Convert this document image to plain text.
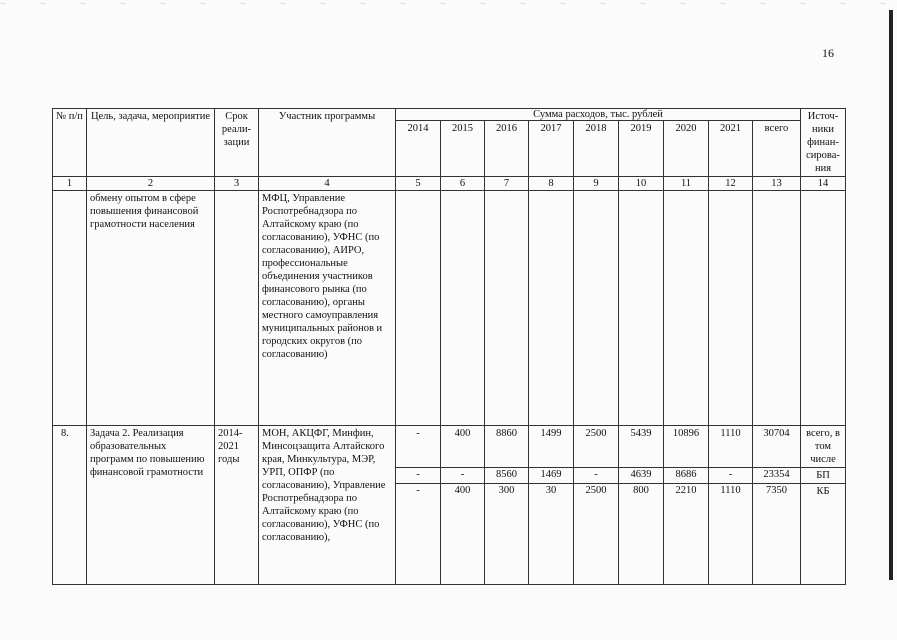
16
№ п/п	Цель, задача, мероприятие	Срок реали-зации	Участник программы	Сумма расходов, тыс. рублей									Источ-ники финан-сирова-ния
				2014	2015	2016	2017	2018	2019	2020	2021	всего	
1	2	3	4	5	6	7	8	9	10	11	12	13	14
	обмену опытом в сфере повышения финансовой грамотности населения		МФЦ, Управление Роспотребнадзора по Алтайскому краю (по согласованию), УФНС (по согласованию), АИРО, профессиональные объединения участников финансового рынка (по согласованию), органы местного самоуправления муниципальных районов и городских округов (по согласованию)										
8.	Задача 2. Реализация образовательных программ по повышению финансовой грамотности	2014-2021 годы	МОН, АКЦФГ, Минфин, Минсоцзащита Алтайского края, Минкультура, МЭР, УРП, ОПФР (по согласованию), Управление Роспотребнадзора по Алтайскому краю (по согласованию), УФНС (по согласованию),	-	400	8860	1499	2500	5439	10896	1110	30704	всего, в том числе
				-	-	8560	1469	-	4639	8686	-	23354	БП
				-	400	300	30	2500	800	2210	1110	7350	КБ
